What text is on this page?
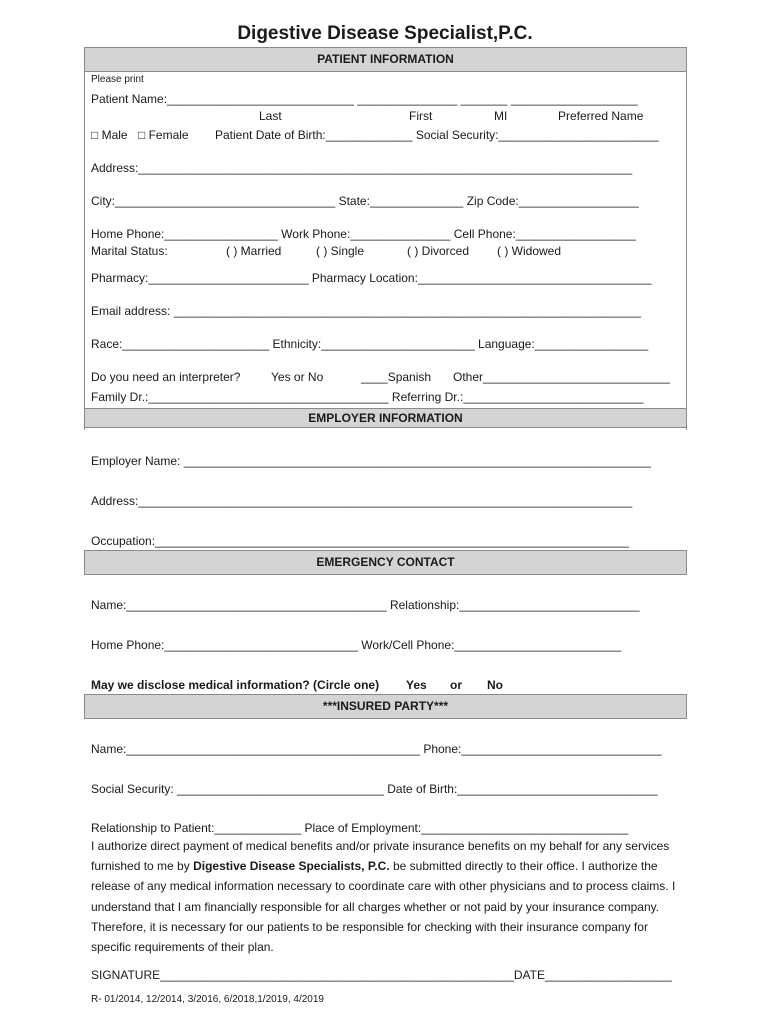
Digestive Disease Specialist,P.C.
PATIENT INFORMATION
Please print
Patient Name:____________________________ _______________ _______ ___________________
Last	First	MI	Preferred Name
□ Male □ Female Patient Date of Birth:_____________ Social Security:________________________
Address:__________________________________________________________________________
City:_________________________________ State:______________ Zip Code:__________________
Home Phone:_________________ Work Phone:_______________ Cell Phone:__________________
Marital Status:	( ) Married	( ) Single	( ) Divorced ( ) Widowed
Pharmacy:________________________ Pharmacy Location:___________________________________
Email address: ______________________________________________________________________
Race:______________________ Ethnicity:_______________________ Language:_________________
Do you need an interpreter?	Yes or No	____Spanish Other____________________________
Family Dr.:____________________________________ Referring Dr.:___________________________
EMPLOYER INFORMATION
Employer Name: ______________________________________________________________________
Address:__________________________________________________________________________
Occupation:_______________________________________________________________________
EMERGENCY CONTACT
Name:_______________________________________ Relationship:___________________________
Home Phone:_____________________________ Work/Cell Phone:_________________________
May we disclose medical information? (Circle one) Yes or No
***INSURED PARTY***
Name:____________________________________________ Phone:______________________________
Social Security: _______________________________ Date of Birth:______________________________
Relationship to Patient:_____________ Place of Employment:_______________________________
I authorize direct payment of medical benefits and/or private insurance benefits on my behalf for any services furnished to me by Digestive Disease Specialists, P.C. be submitted directly to their office. I authorize the release of any medical information necessary to coordinate care with other physicians and to process claims. I understand that I am financially responsible for all charges whether or not paid by your insurance company. Therefore, it is necessary for our patients to be responsible for checking with their insurance company for specific requirements of their plan.
SIGNATURE_____________________________________________________DATE___________________
R- 01/2014, 12/2014, 3/2016, 6/2018,1/2019, 4/2019
